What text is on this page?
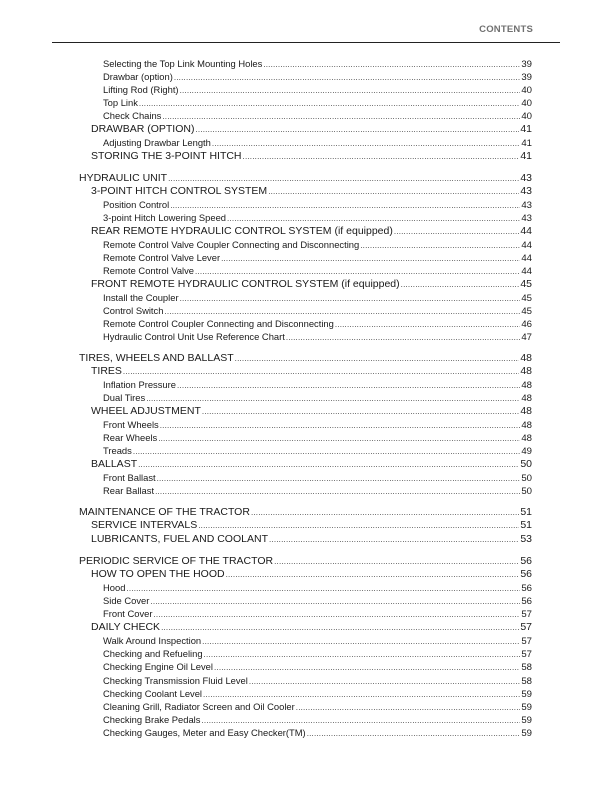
CONTENTS
Selecting the Top Link Mounting Holes .....	39
Drawbar (option) .....	39
Lifting Rod (Right) .....	40
Top Link .....	40
Check Chains .....	40
DRAWBAR (OPTION) .....	41
Adjusting Drawbar Length .....	41
STORING THE 3-POINT HITCH .....	41
HYDRAULIC UNIT .....	43
3-POINT HITCH CONTROL SYSTEM .....	43
Position Control .....	43
3-point Hitch Lowering Speed .....	43
REAR REMOTE HYDRAULIC CONTROL SYSTEM (if equipped) .....	44
Remote Control Valve Coupler Connecting and Disconnecting .....	44
Remote Control Valve Lever .....	44
Remote Control Valve .....	44
FRONT REMOTE HYDRAULIC CONTROL SYSTEM (if equipped) .....	45
Install the Coupler .....	45
Control Switch .....	45
Remote Control Coupler Connecting and Disconnecting .....	46
Hydraulic Control Unit Use Reference Chart .....	47
TIRES, WHEELS AND BALLAST .....	48
TIRES .....	48
Inflation Pressure .....	48
Dual Tires .....	48
WHEEL ADJUSTMENT .....	48
Front Wheels .....	48
Rear Wheels .....	48
Treads .....	49
BALLAST .....	50
Front Ballast .....	50
Rear Ballast .....	50
MAINTENANCE OF THE TRACTOR .....	51
SERVICE INTERVALS .....	51
LUBRICANTS, FUEL AND COOLANT .....	53
PERIODIC SERVICE OF THE TRACTOR .....	56
HOW TO OPEN THE HOOD .....	56
Hood .....	56
Side Cover .....	56
Front Cover .....	57
DAILY CHECK .....	57
Walk Around Inspection .....	57
Checking and Refueling .....	57
Checking Engine Oil Level .....	58
Checking Transmission Fluid Level .....	58
Checking Coolant Level .....	59
Cleaning Grill, Radiator Screen and Oil Cooler .....	59
Checking Brake Pedals .....	59
Checking Gauges, Meter and Easy Checker(TM) .....	59
